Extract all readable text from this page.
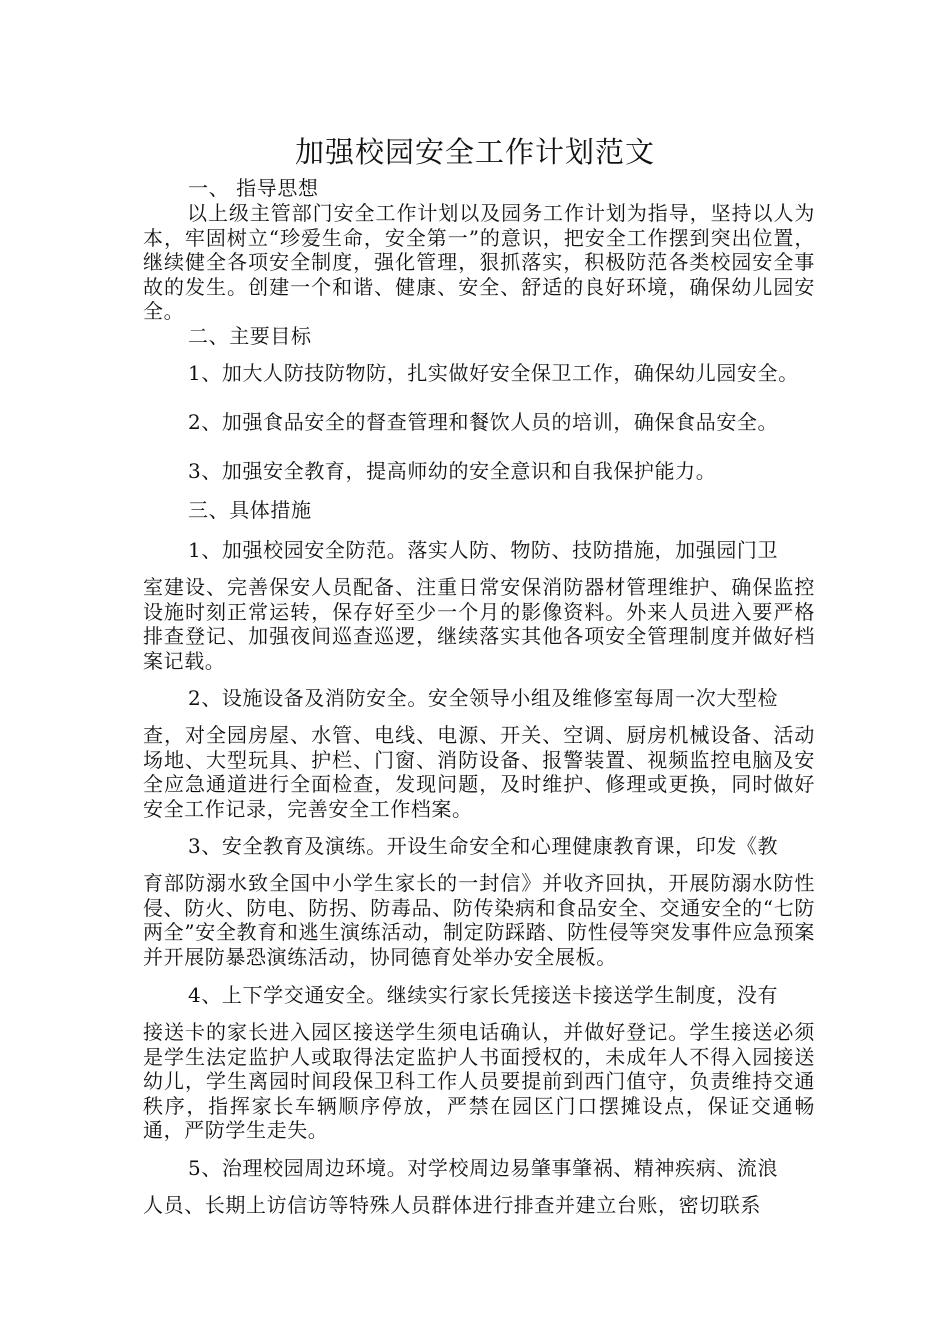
加强校园安全工作计划范文

一、 指导思想

以上级主管部门安全工作计划以及园务工作计划为指导，坚持以人为本，牢固树立“珍爱生命，安全第一”的意识，把安全工作摆到突出位置，继续健全各项安全制度，强化管理，狠抓落实，积极防范各类校园安全事故的发生。创建一个和谐、健康、安全、舒适的良好环境，确保幼儿园安全。

二、主要目标

1、加大人防技防物防，扎实做好安全保卫工作，确保幼儿园安全。

2、加强食品安全的督查管理和餐饮人员的培训，确保食品安全。

3、加强安全教育，提高师幼的安全意识和自我保护能力。

三、具体措施

1、加强校园安全防范。落实人防、物防、技防措施，加强园门卫

室建设、完善保安人员配备、注重日常安保消防器材管理维护、确保监控设施时刻正常运转，保存好至少一个月的影像资料。外来人员进入要严格排查登记、加强夜间巡查巡逻，继续落实其他各项安全管理制度并做好档案记载。

2、设施设备及消防安全。安全领导小组及维修室每周一次大型检

查，对全园房屋、水管、电线、电源、开关、空调、厨房机械设备、活动场地、大型玩具、护栏、门窗、消防设备、报警装置、视频监控电脑及安全应急通道进行全面检查，发现问题，及时维护、修理或更换，同时做好安全工作记录，完善安全工作档案。

3、安全教育及演练。开设生命安全和心理健康教育课，印发《教

育部防溺水致全国中小学生家长的一封信》并收齐回执，开展防溺水防性侵、防火、防电、防拐、防毒品、防传染病和食品安全、交通安全的“七防两全”安全教育和逃生演练活动，制定防踩踏、防性侵等突发事件应急预案并开展防暴恐演练活动，协同德育处举办安全展板。

4、上下学交通安全。继续实行家长凭接送卡接送学生制度，没有

接送卡的家长进入园区接送学生须电话确认，并做好登记。学生接送必须是学生法定监护人或取得法定监护人书面授权的，未成年人不得入园接送幼儿，学生离园时间段保卫科工作人员要提前到西门值守，负责维持交通秩序，指挥家长车辆顺序停放，严禁在园区门口摆摊设点，保证交通畅通，严防学生走失。

5、治理校园周边环境。对学校周边易肇事肇祸、精神疾病、流浪

人员、长期上访信访等特殊人员群体进行排查并建立台账，密切联系
